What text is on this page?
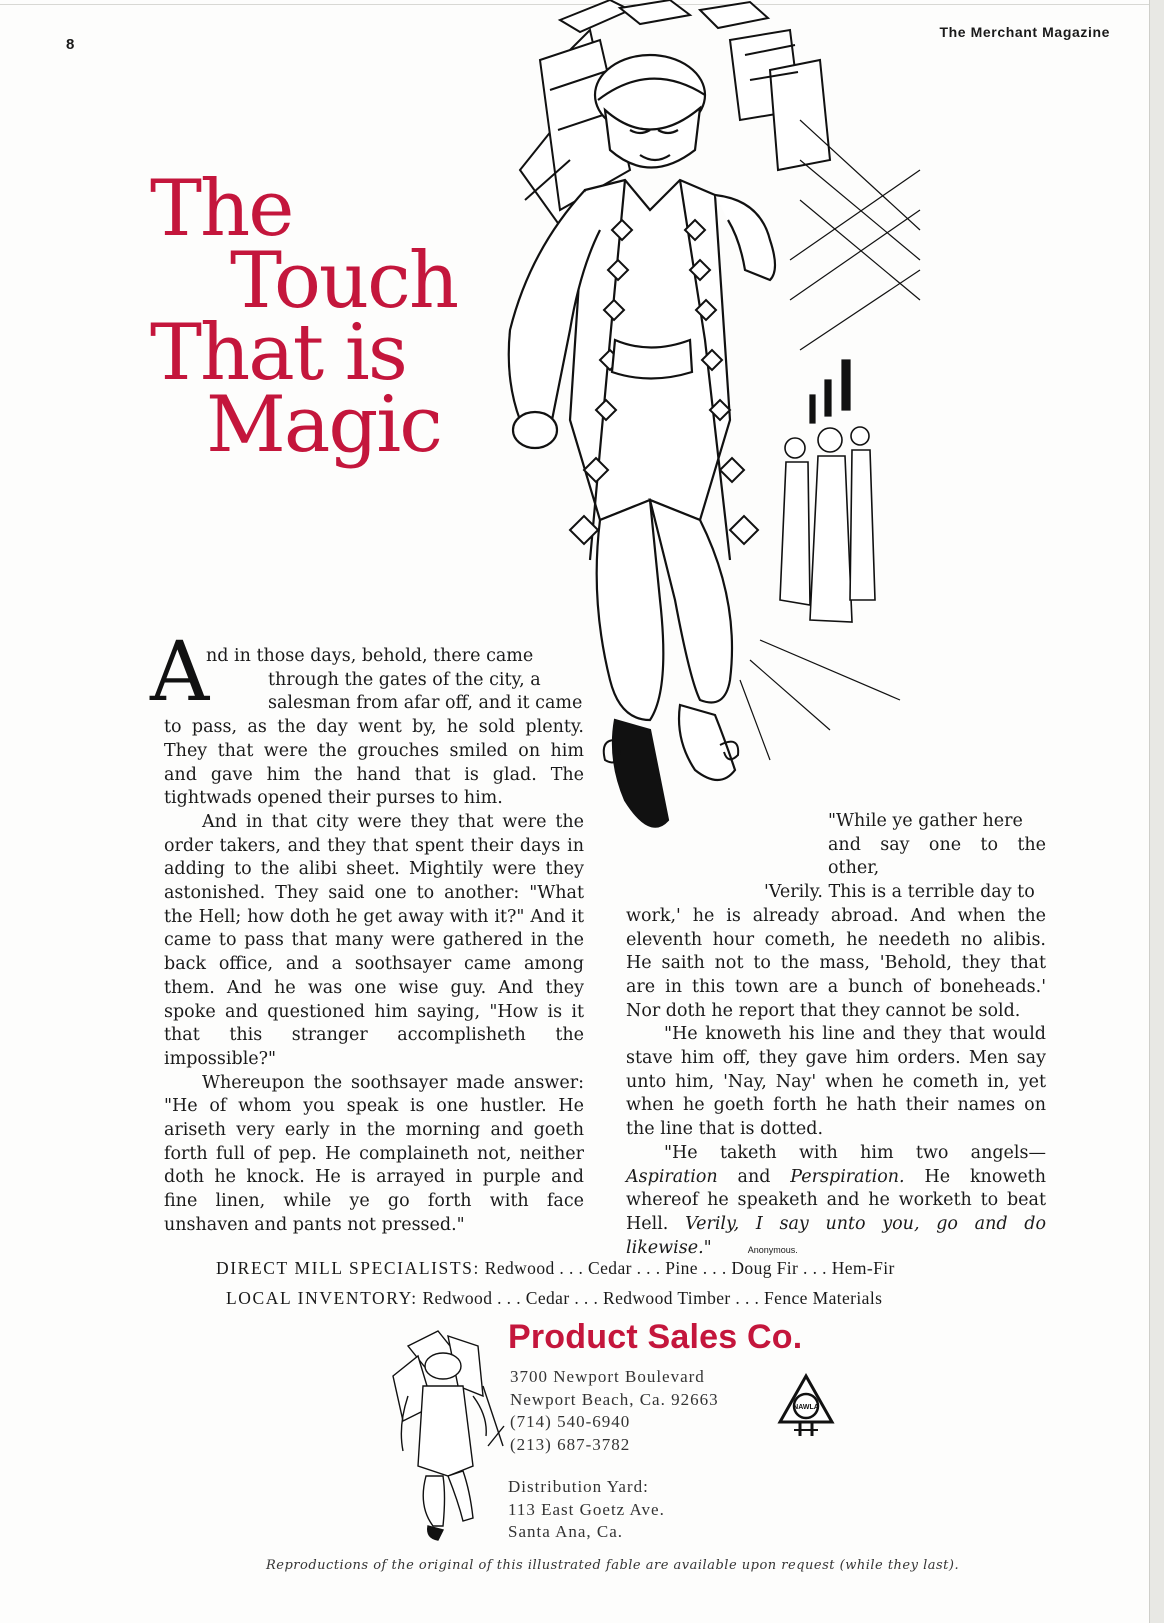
8
The Merchant Magazine
The
Touch
That is
Magic
A

nd in those days, behold, there came

through the gates of the city, a

salesman from afar off, and it came

to pass, as the day went by, he sold plenty. They that were the grouches smiled on him and gave him the hand that is glad. The tightwads opened their purses to him.

And in that city were they that were the order takers, and they that spent their days in adding to the alibi sheet. Mightily were they astonished. They said one to another: "What the Hell; how doth he get away with it?" And it came to pass that many were gathered in the back office, and a soothsayer came among them. And he was one wise guy. And they spoke and questioned him saying, "How is it that this stranger accomplisheth the impossible?"

Whereupon the soothsayer made answer: "He of whom you speak is one hustler. He ariseth very early in the morning and goeth forth full of pep. He complaineth not, neither doth he knock. He is arrayed in purple and fine linen, while ye go forth with face unshaven and pants not pressed."

"While ye gather here

and say one to the other,

'Verily. This is a terrible day to

work,' he is already abroad. And when the eleventh hour cometh, he needeth no alibis. He saith not to the mass, 'Behold, they that are in this town are a bunch of boneheads.' Nor doth he report that they cannot be sold.

"He knoweth his line and they that would stave him off, they gave him orders. Men say unto him, 'Nay, Nay' when he cometh in, yet when he goeth forth he hath their names on the line that is dotted.

"He taketh with him two angels—Aspiration and Perspiration. He knoweth whereof he speaketh and he worketh to beat Hell. Verily, I say unto you, go and do likewise."	Anonymous.

DIRECT MILL SPECIALISTS: Redwood . . . Cedar . . . Pine . . . Doug Fir . . . Hem-Fir
LOCAL INVENTORY: Redwood . . . Cedar . . . Redwood Timber . . . Fence Materials
Product Sales Co.
3700 Newport Boulevard
Newport Beach, Ca. 92663
(714) 540-6940
(213) 687-3782
Distribution Yard:
113 East Goetz Ave.
Santa Ana, Ca.
NAWLA
Reproductions of the original of this illustrated fable are available upon request (while they last).
